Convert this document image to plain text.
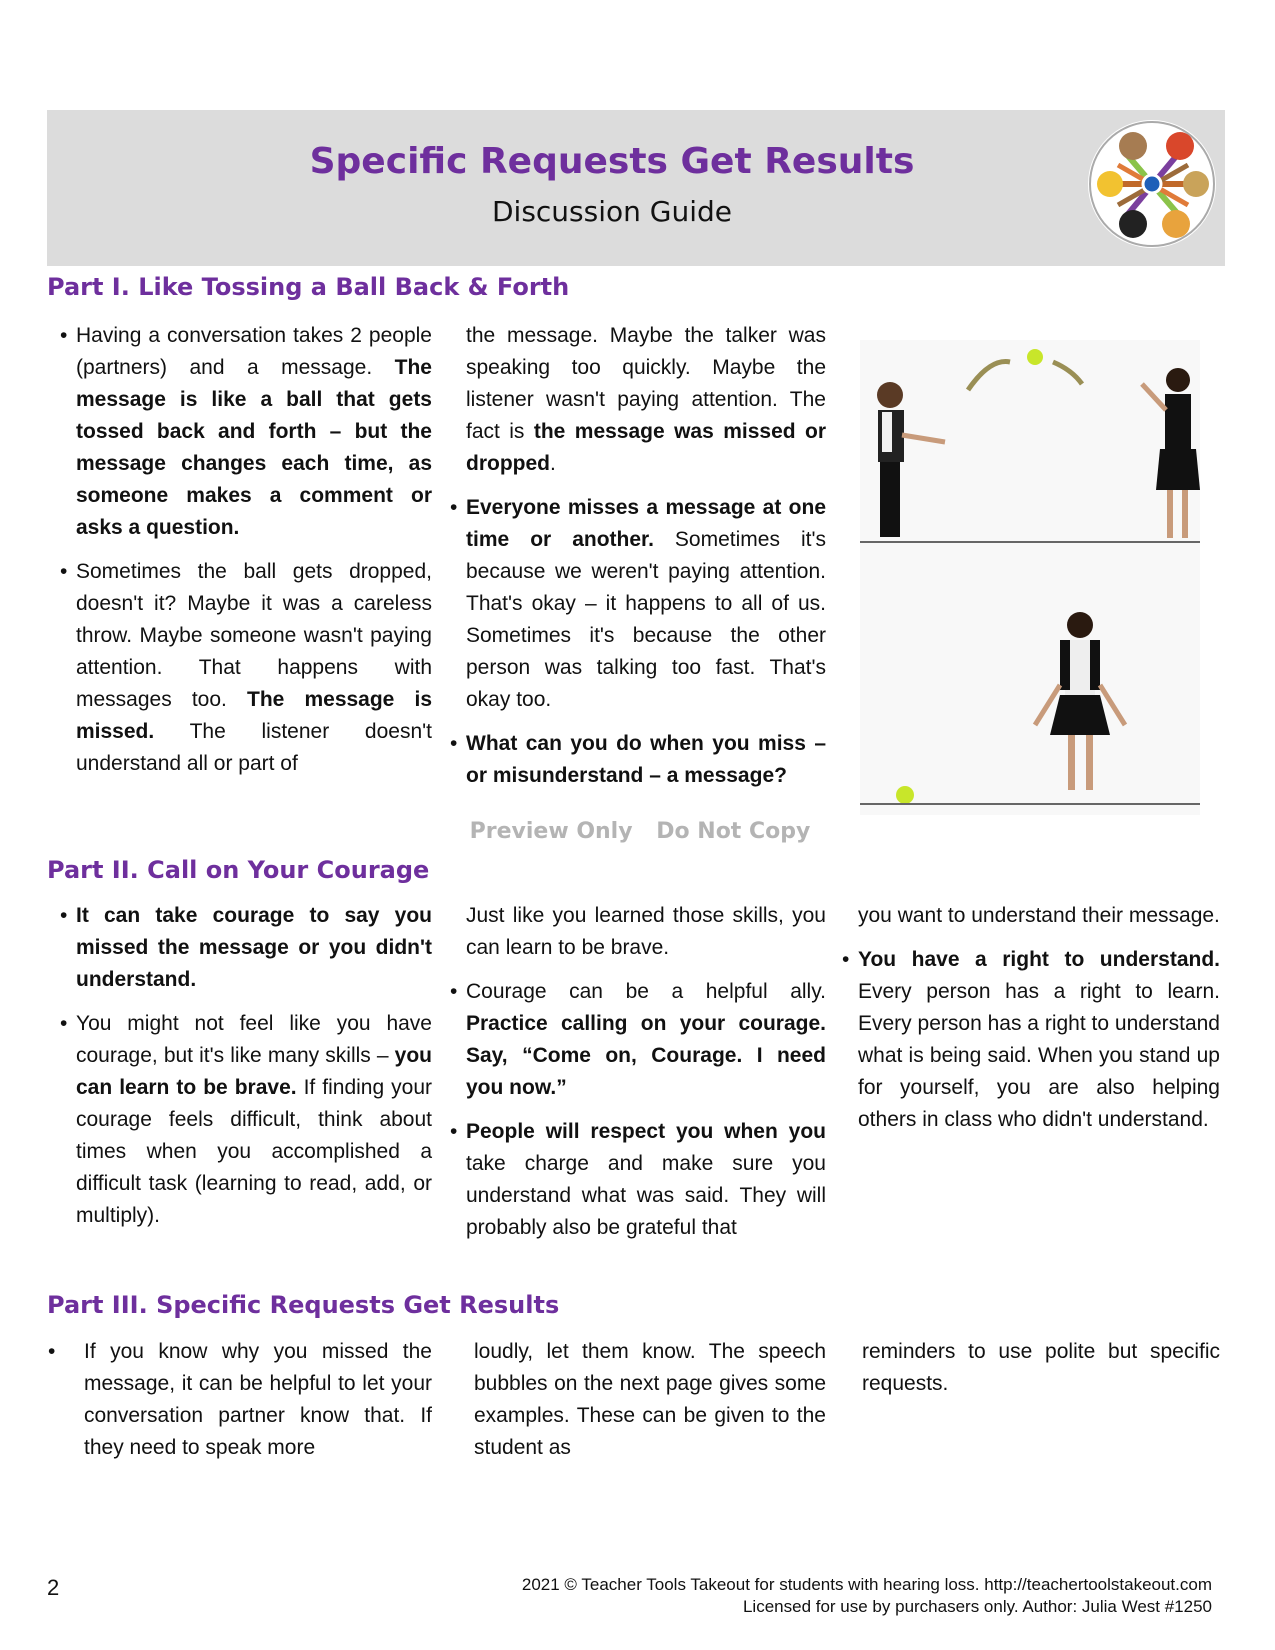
Specific Requests Get Results
Discussion Guide
Part I. Like Tossing a Ball Back & Forth

• Having a conversation takes 2 people (partners) and a message. The message is like a ball that gets tossed back and forth – but the message changes each time, as someone makes a comment or asks a question.

• Sometimes the ball gets dropped, doesn't it? Maybe it was a careless throw. Maybe someone wasn't paying attention. That happens with messages too. The message is missed. The listener doesn't understand all or part of

the message. Maybe the talker was speaking too quickly. Maybe the listener wasn't paying attention. The fact is the message was missed or dropped.

• Everyone misses a message at one time or another. Sometimes it's because we weren't paying attention. That's okay – it happens to all of us. Sometimes it's because the other person was talking too fast. That's okay too.

• What can you do when you miss – or misunderstand – a message?

Preview Only Do Not Copy
Part II. Call on Your Courage

• It can take courage to say you missed the message or you didn't understand.

• You might not feel like you have courage, but it's like many skills – you can learn to be brave. If finding your courage feels difficult, think about times when you accomplished a difficult task (learning to read, add, or multiply).

Just like you learned those skills, you can learn to be brave.

• Courage can be a helpful ally. Practice calling on your courage. Say, “Come on, Courage. I need you now.”

• People will respect you when you take charge and make sure you understand what was said. They will probably also be grateful that

you want to understand their message.

• You have a right to understand. Every person has a right to learn. Every person has a right to understand what is being said. When you stand up for yourself, you are also helping others in class who didn't understand.

Part III. Specific Requests Get Results

• If you know why you missed the message, it can be helpful to let your conversation partner know that. If they need to speak more

loudly, let them know. The speech bubbles on the next page gives some examples. These can be given to the student as

reminders to use polite but specific requests.

2	2021 © Teacher Tools Takeout for students with hearing loss. http://teachertoolstakeout.com
Licensed for use by purchasers only. Author: Julia West #1250
